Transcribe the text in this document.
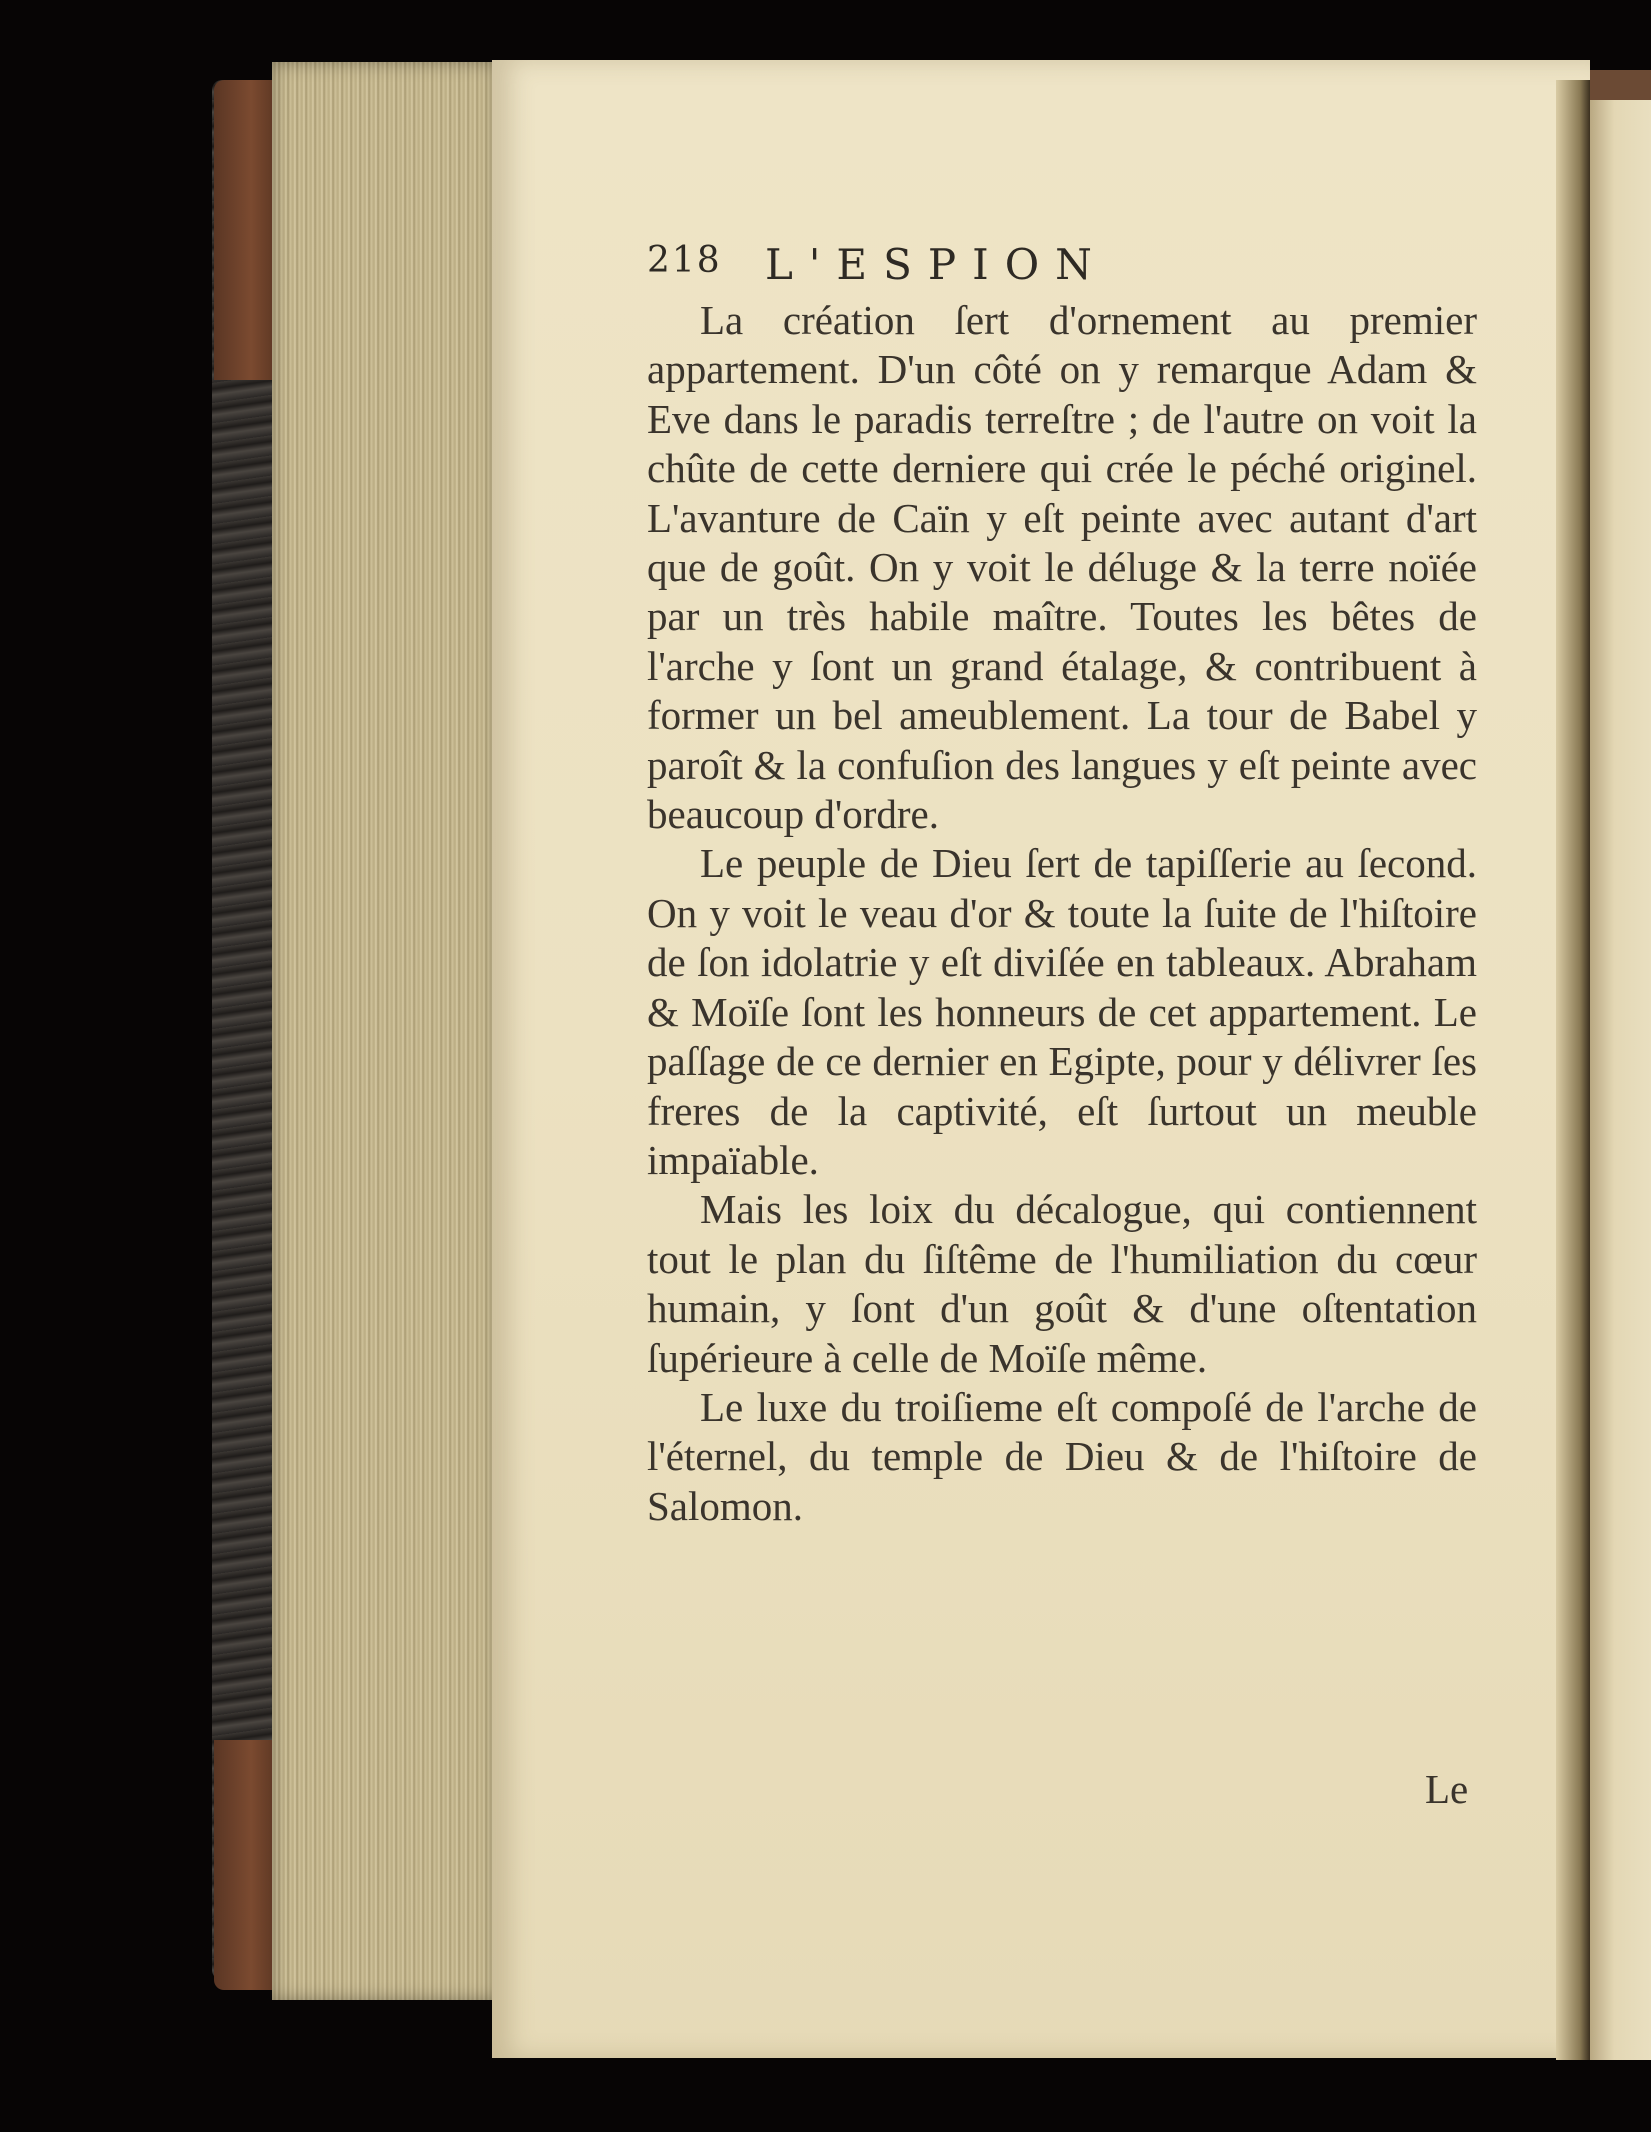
218 L'ESPION

La création ſert d'ornement au premier appartement. D'un côté on y remarque Adam & Eve dans le paradis terreſtre ; de l'autre on voit la chûte de cette derniere qui crée le péché originel. L'avanture de Caïn y eſt peinte avec autant d'art que de goût. On y voit le déluge & la terre noïée par un très habile maître. Toutes les bêtes de l'arche y ſont un grand étalage, & contribuent à former un bel ameublement. La tour de Babel y paroît & la confuſion des langues y eſt peinte avec beaucoup d'ordre.

Le peuple de Dieu ſert de tapiſſerie au ſecond. On y voit le veau d'or & toute la ſuite de l'hiſtoire de ſon idolatrie y eſt diviſée en tableaux. Abraham & Moïſe ſont les honneurs de cet appartement. Le paſſage de ce dernier en Egipte, pour y délivrer ſes freres de la captivité, eſt ſurtout un meuble impaïable.

Mais les loix du décalogue, qui contiennent tout le plan du ſiſtême de l'humiliation du cœur humain, y ſont d'un goût & d'une oſtentation ſupérieure à celle de Moïſe même.

Le luxe du troiſieme eſt compoſé de l'arche de l'éternel, du temple de Dieu & de l'hiſtoire de Salomon.

Le
